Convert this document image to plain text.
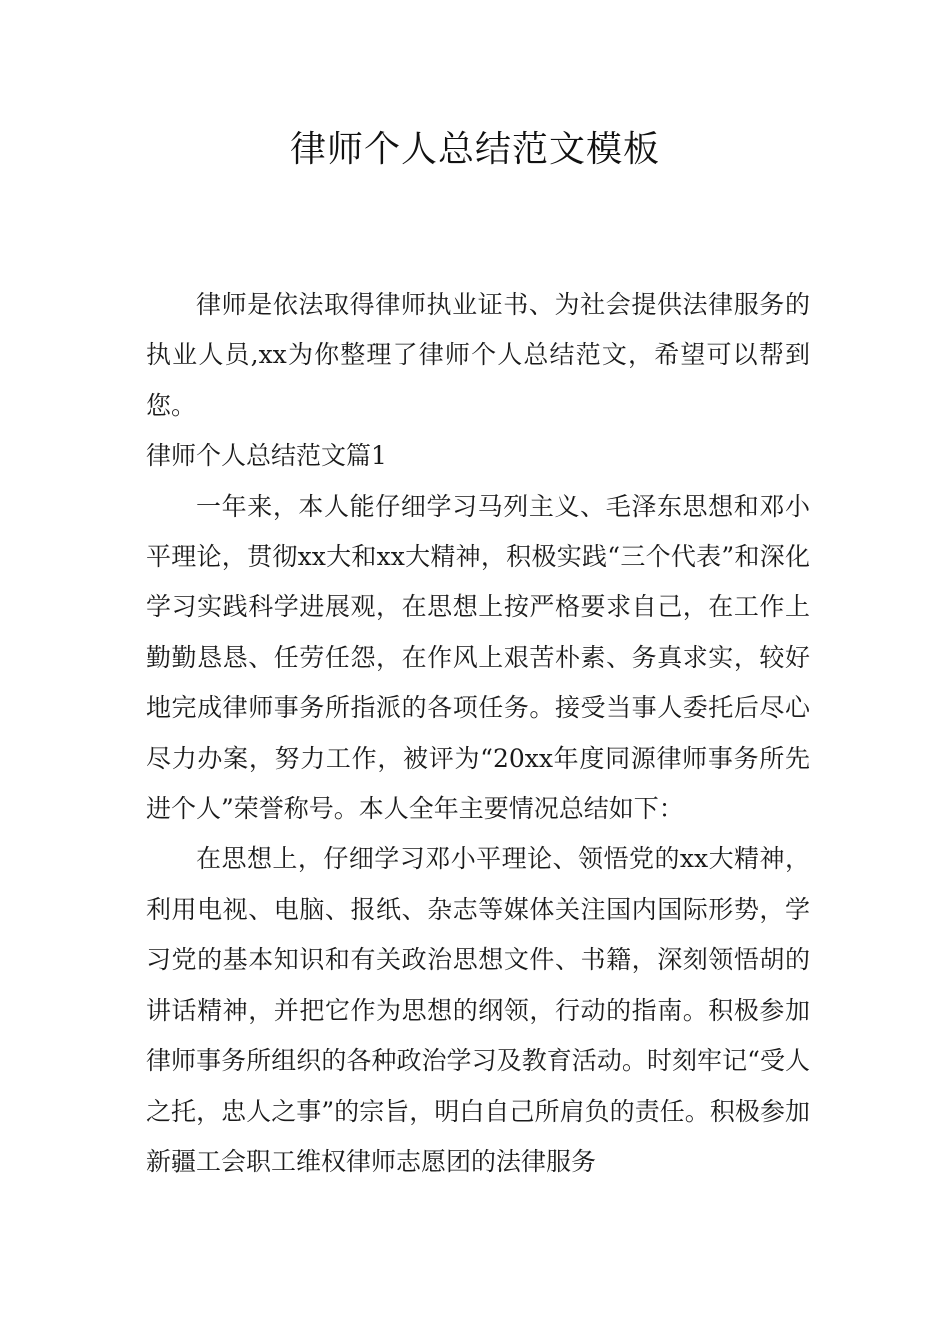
律师个人总结范文模板

律师是依法取得律师执业证书、为社会提供法律服务的执业人员,xx为你整理了律师个人总结范文，希望可以帮到您。

律师个人总结范文篇1

一年来，本人能仔细学习马列主义、毛泽东思想和邓小平理论，贯彻xx大和xx大精神，积极实践“三个代表”和深化学习实践科学进展观，在思想上按严格要求自己，在工作上勤勤恳恳、任劳任怨，在作风上艰苦朴素、务真求实，较好地完成律师事务所指派的各项任务。接受当事人委托后尽心尽力办案，努力工作，被评为“20xx年度同源律师事务所先进个人”荣誉称号。本人全年主要情况总结如下：

在思想上，仔细学习邓小平理论、领悟党的xx大精神，利用电视、电脑、报纸、杂志等媒体关注国内国际形势，学习党的基本知识和有关政治思想文件、书籍，深刻领悟胡的讲话精神，并把它作为思想的纲领，行动的指南。积极参加律师事务所组织的各种政治学习及教育活动。时刻牢记“受人之托，忠人之事”的宗旨，明白自己所肩负的责任。积极参加新疆工会职工维权律师志愿团的法律服务
